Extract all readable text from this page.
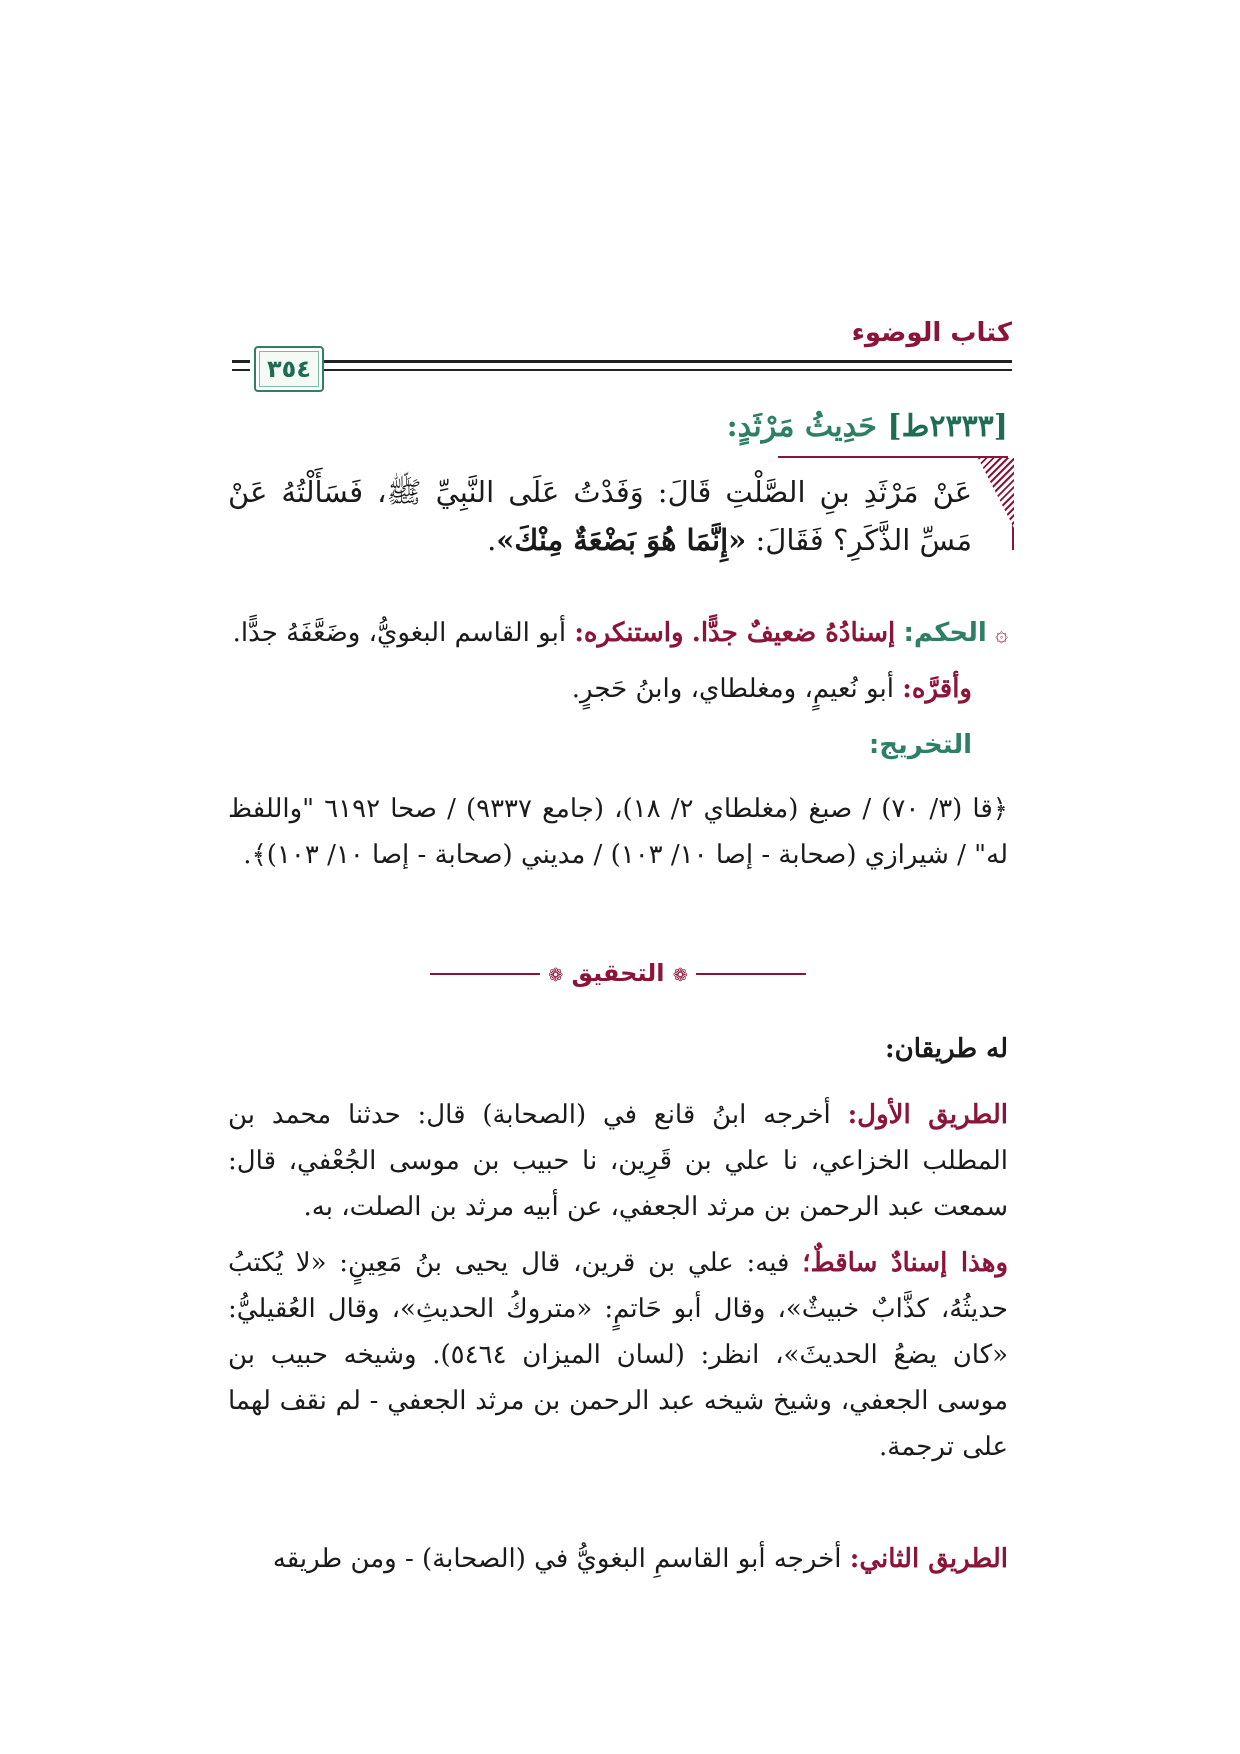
كتاب الوضوء
٣٥٤
[٢٣٣٣ط] حَدِيثُ مَرْثَدٍ:
عَنْ مَرْثَدِ بنِ الصَّلْتِ قَالَ: وَفَدْتُ عَلَى النَّبِيِّ ﷺ، فَسَأَلْتُهُ عَنْ مَسِّ الذَّكَرِ؟ فَقَالَ: «إِنَّمَا هُوَ بَضْعَةٌ مِنْكَ».
۞ الحكم: إسنادُهُ ضعيفٌ جدًّا. واستنكره: أبو القاسم البغويُّ، وضَعَّفَهُ جدًّا.
وأقرَّه: أبو نُعيمٍ، ومغلطاي، وابنُ حَجرٍ.
التخريج:
﴿قا (٣/ ٧٠) / صبغ (مغلطاي ٢/ ١٨)، (جامع ٩٣٣٧) / صحا ٦١٩٢ "واللفظ له" / شيرازي (صحابة - إصا ١٠/ ١٠٣) / مديني (صحابة - إصا ١٠/ ١٠٣)﴾.
❁ التحقيق ❁
له طريقان:
الطريق الأول: أخرجه ابنُ قانع في (الصحابة) قال: حدثنا محمد بن المطلب الخزاعي، نا علي بن قَرِين، نا حبيب بن موسى الجُعْفي، قال: سمعت عبد الرحمن بن مرثد الجعفي، عن أبيه مرثد بن الصلت، به.
وهذا إسنادٌ ساقطٌ؛ فيه: علي بن قرين، قال يحيى بنُ مَعِينٍ: «لا يُكتبُ حديثُهُ، كذَّابٌ خبيثٌ»، وقال أبو حَاتمٍ: «متروكُ الحديثِ»، وقال العُقيليُّ: «كان يضعُ الحديثَ»، انظر: (لسان الميزان ٥٤٦٤). وشيخه حبيب بن موسى الجعفي، وشيخ شيخه عبد الرحمن بن مرثد الجعفي - لم نقف لهما على ترجمة.
الطريق الثاني: أخرجه أبو القاسمِ البغويُّ في (الصحابة) - ومن طريقه
